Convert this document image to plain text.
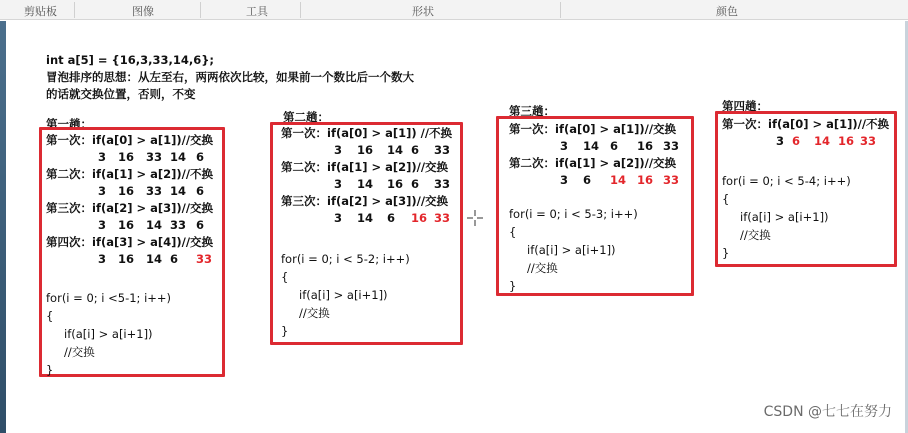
剪贴板	图像	工具	形状	颜色
int a[5] = {16,3,33,14,6};
冒泡排序的思想：从左至右，两两依次比较，如果前一个数比后一个数大
的话就交换位置，否则，不变
第一趟：	第二趟：	第三趟：	第四趟：
第一次：if(a[0] > a[1])//交换
3 16 33 14 6
第二次：if(a[1] > a[2])//不换
3 16 33 14 6
第三次：if(a[2] > a[3])//交换
3 16 14 33 6
第四次：if(a[3] > a[4])//交换
3 16 14 6 33
for(i = 0; i <5-1; i++)
{
if(a[i] > a[i+1])
//交换
}
第一次：if(a[0] > a[1]) //不换
3 16 14 6 33
第二次：if(a[1] > a[2])//交换
3 14 16 6 33
第三次：if(a[2] > a[3])//交换
3 14 6 16 33
for(i = 0; i < 5-2; i++)
{
if(a[i] > a[i+1])
//交换
}
第一次：if(a[0] > a[1])//交换
3 14 6 16 33
第二次：if(a[1] > a[2])//交换
3 6 14 16 33
for(i = 0; i < 5-3; i++)
{
if(a[i] > a[i+1])
//交换
}
第一次：if(a[0] > a[1])//不换
3 6 14 16 33
for(i = 0; i < 5-4; i++)
{
if(a[i] > a[i+1])
//交换
}
CSDN @七七在努力
